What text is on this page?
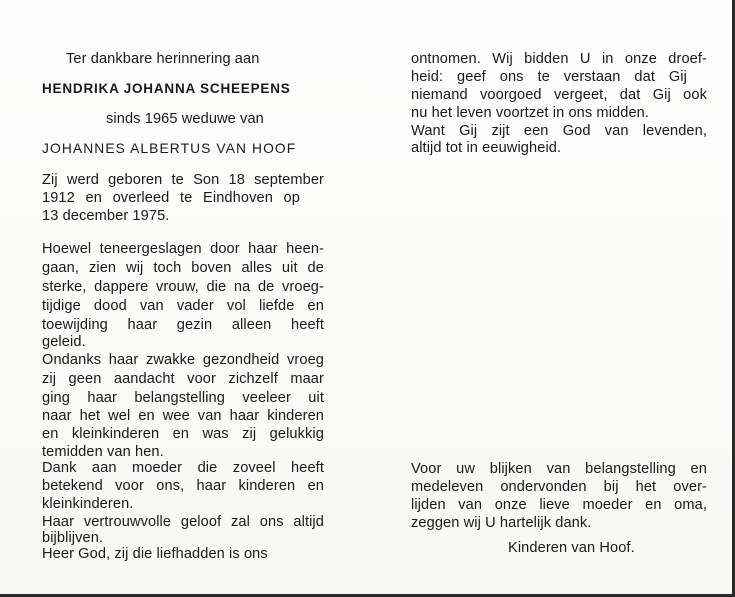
Ter dankbare herinnering aan
HENDRIKA JOHANNA SCHEEPENS
sinds 1965 weduwe van
JOHANNES ALBERTUS VAN HOOF
Zij werd geboren te Son 18 september
1912 en overleed te Eindhoven op
13 december 1975.
Hoewel teneergeslagen door haar heen-
gaan, zien wij toch boven alles uit de
sterke, dappere vrouw, die na de vroeg-
tijdige dood van vader vol liefde en
toewijding haar gezin alleen heeft
geleid.
Ondanks haar zwakke gezondheid vroeg
zij geen aandacht voor zichzelf maar
ging haar belangstelling veeleer uit
naar het wel en wee van haar kinderen
en kleinkinderen en was zij gelukkig
temidden van hen.
Dank aan moeder die zoveel heeft
betekend voor ons, haar kinderen en
kleinkinderen.
Haar vertrouwvolle geloof zal ons altijd
bijblijven.
Heer God, zij die liefhadden is ons
ontnomen. Wij bidden U in onze droef-
heid: geef ons te verstaan dat Gij
niemand voorgoed vergeet, dat Gij ook
nu het leven voortzet in ons midden.
Want Gij zijt een God van levenden,
altijd tot in eeuwigheid.
Voor uw blijken van belangstelling en
medeleven ondervonden bij het over-
lijden van onze lieve moeder en oma,
zeggen wij U hartelijk dank.
Kinderen van Hoof.
